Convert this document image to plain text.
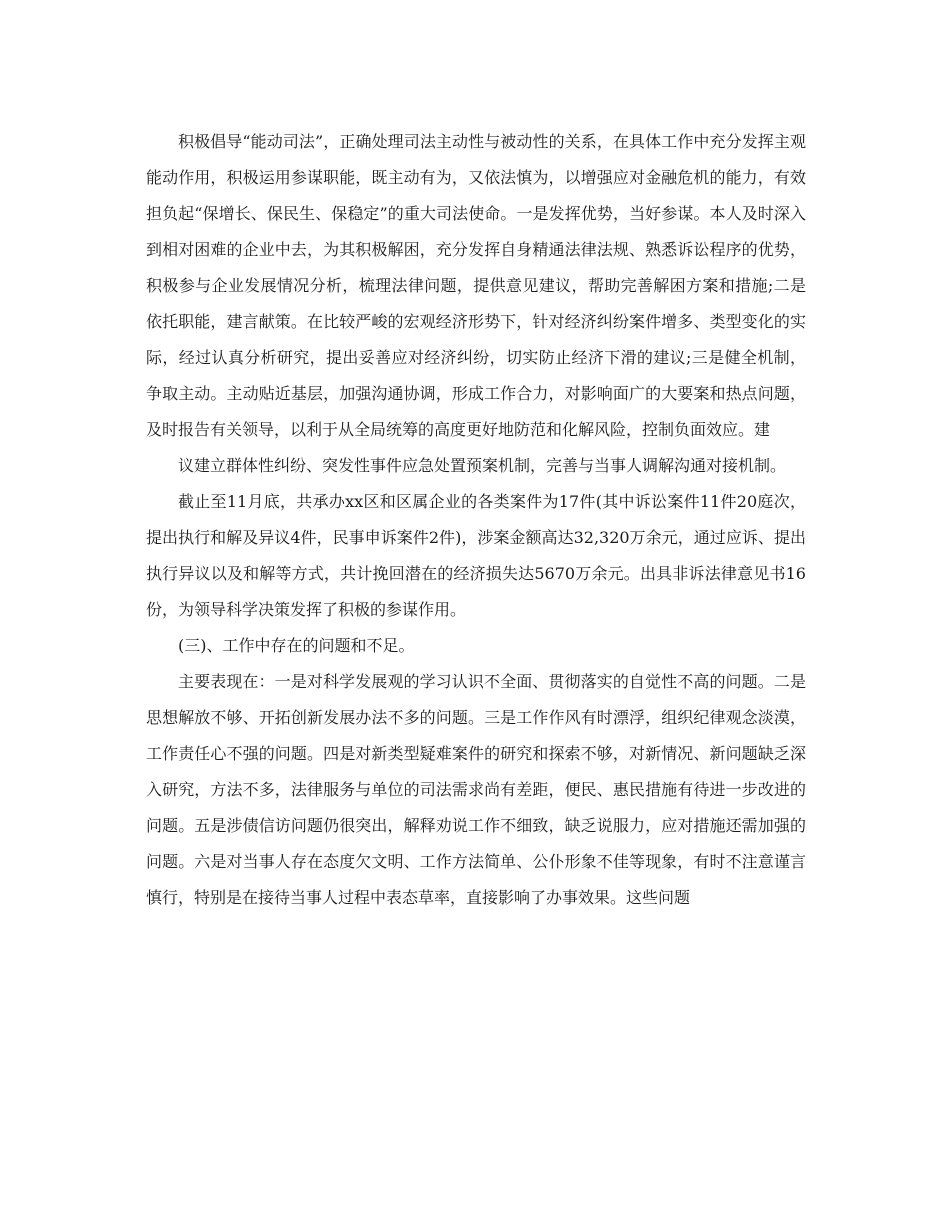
积极倡导“能动司法”，正确处理司法主动性与被动性的关系，在具体工作中充分发挥主观能动作用，积极运用参谋职能，既主动有为，又依法慎为，以增强应对金融危机的能力，有效担负起“保增长、保民生、保稳定”的重大司法使命。一是发挥优势，当好参谋。本人及时深入到相对困难的企业中去，为其积极解困，充分发挥自身精通法律法规、熟悉诉讼程序的优势，积极参与企业发展情况分析，梳理法律问题，提供意见建议，帮助完善解困方案和措施;二是依托职能，建言献策。在比较严峻的宏观经济形势下，针对经济纠纷案件增多、类型变化的实际，经过认真分析研究，提出妥善应对经济纠纷，切实防止经济下滑的建议;三是健全机制，争取主动。主动贴近基层，加强沟通协调，形成工作合力，对影响面广的大要案和热点问题，及时报告有关领导，以利于从全局统筹的高度更好地防范和化解风险，控制负面效应。建

议建立群体性纠纷、突发性事件应急处置预案机制，完善与当事人调解沟通对接机制。

截止至11月底，共承办xx区和区属企业的各类案件为17件(其中诉讼案件11件20庭次，提出执行和解及异议4件，民事申诉案件2件)，涉案金额高达32,320万余元，通过应诉、提出执行异议以及和解等方式，共计挽回潜在的经济损失达5670万余元。出具非诉法律意见书16份，为领导科学决策发挥了积极的参谋作用。

(三)、工作中存在的问题和不足。

主要表现在：一是对科学发展观的学习认识不全面、贯彻落实的自觉性不高的问题。二是思想解放不够、开拓创新发展办法不多的问题。三是工作作风有时漂浮，组织纪律观念淡漠，工作责任心不强的问题。四是对新类型疑难案件的研究和探索不够，对新情况、新问题缺乏深入研究，方法不多，法律服务与单位的司法需求尚有差距，便民、惠民措施有待进一步改进的问题。五是涉债信访问题仍很突出，解释劝说工作不细致，缺乏说服力，应对措施还需加强的问题。六是对当事人存在态度欠文明、工作方法简单、公仆形象不佳等现象，有时不注意谨言慎行，特别是在接待当事人过程中表态草率，直接影响了办事效果。这些问题
